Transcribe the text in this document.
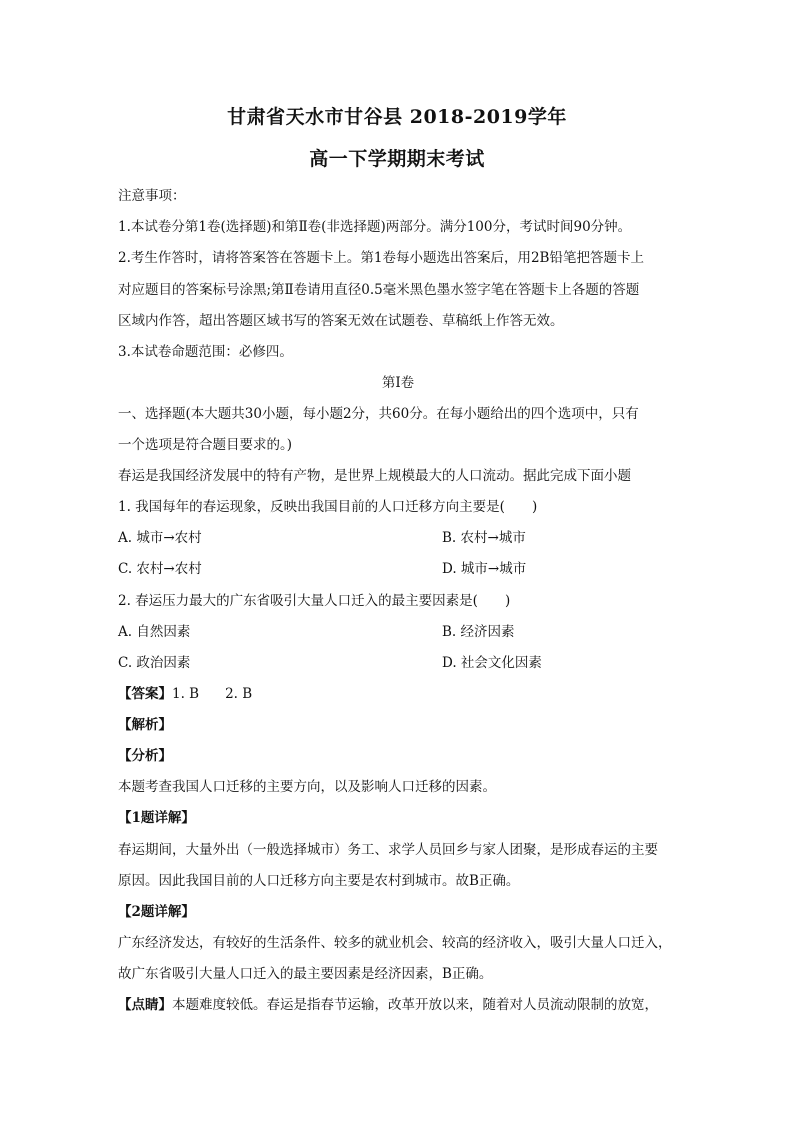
甘肃省天水市甘谷县 2018-2019学年
高一下学期期末考试
注意事项：
1.本试卷分第1卷(选择题)和第Ⅱ卷(非选择题)两部分。满分100分，考试时间90分钟。
2.考生作答时，请将答案答在答题卡上。第1卷每小题选出答案后，用2B铅笔把答题卡上
对应题目的答案标号涂黑;第Ⅱ卷请用直径0.5毫米黑色墨水签字笔在答题卡上各题的答题
区域内作答，超出答题区域书写的答案无效在试题卷、草稿纸上作答无效。
3.本试卷命题范围：必修四。
第Ⅰ卷
一、选择题(本大题共30小题，每小题2分，共60分。在每小题给出的四个选项中，只有
一个选项是符合题目要求的。)
春运是我国经济发展中的特有产物，是世界上规模最大的人口流动。据此完成下面小题
1. 我国每年的春运现象，反映出我国目前的人口迁移方向主要是(　　)
A. 城市→农村	B. 农村→城市
C. 农村→农村	D. 城市→城市
2. 春运压力最大的广东省吸引大量人口迁入的最主要因素是(　　)
A. 自然因素	B. 经济因素
C. 政治因素	D. 社会文化因素
【答案】1. B 2. B
【解析】
【分析】
本题考查我国人口迁移的主要方向，以及影响人口迁移的因素。
【1题详解】
春运期间，大量外出（一般选择城市）务工、求学人员回乡与家人团聚，是形成春运的主要
原因。因此我国目前的人口迁移方向主要是农村到城市。故B正确。
【2题详解】
广东经济发达，有较好的生活条件、较多的就业机会、较高的经济收入，吸引大量人口迁入，
故广东省吸引大量人口迁入的最主要因素是经济因素，B正确。
【点睛】本题难度较低。春运是指春节运输，改革开放以来，随着对人员流动限制的放宽，
